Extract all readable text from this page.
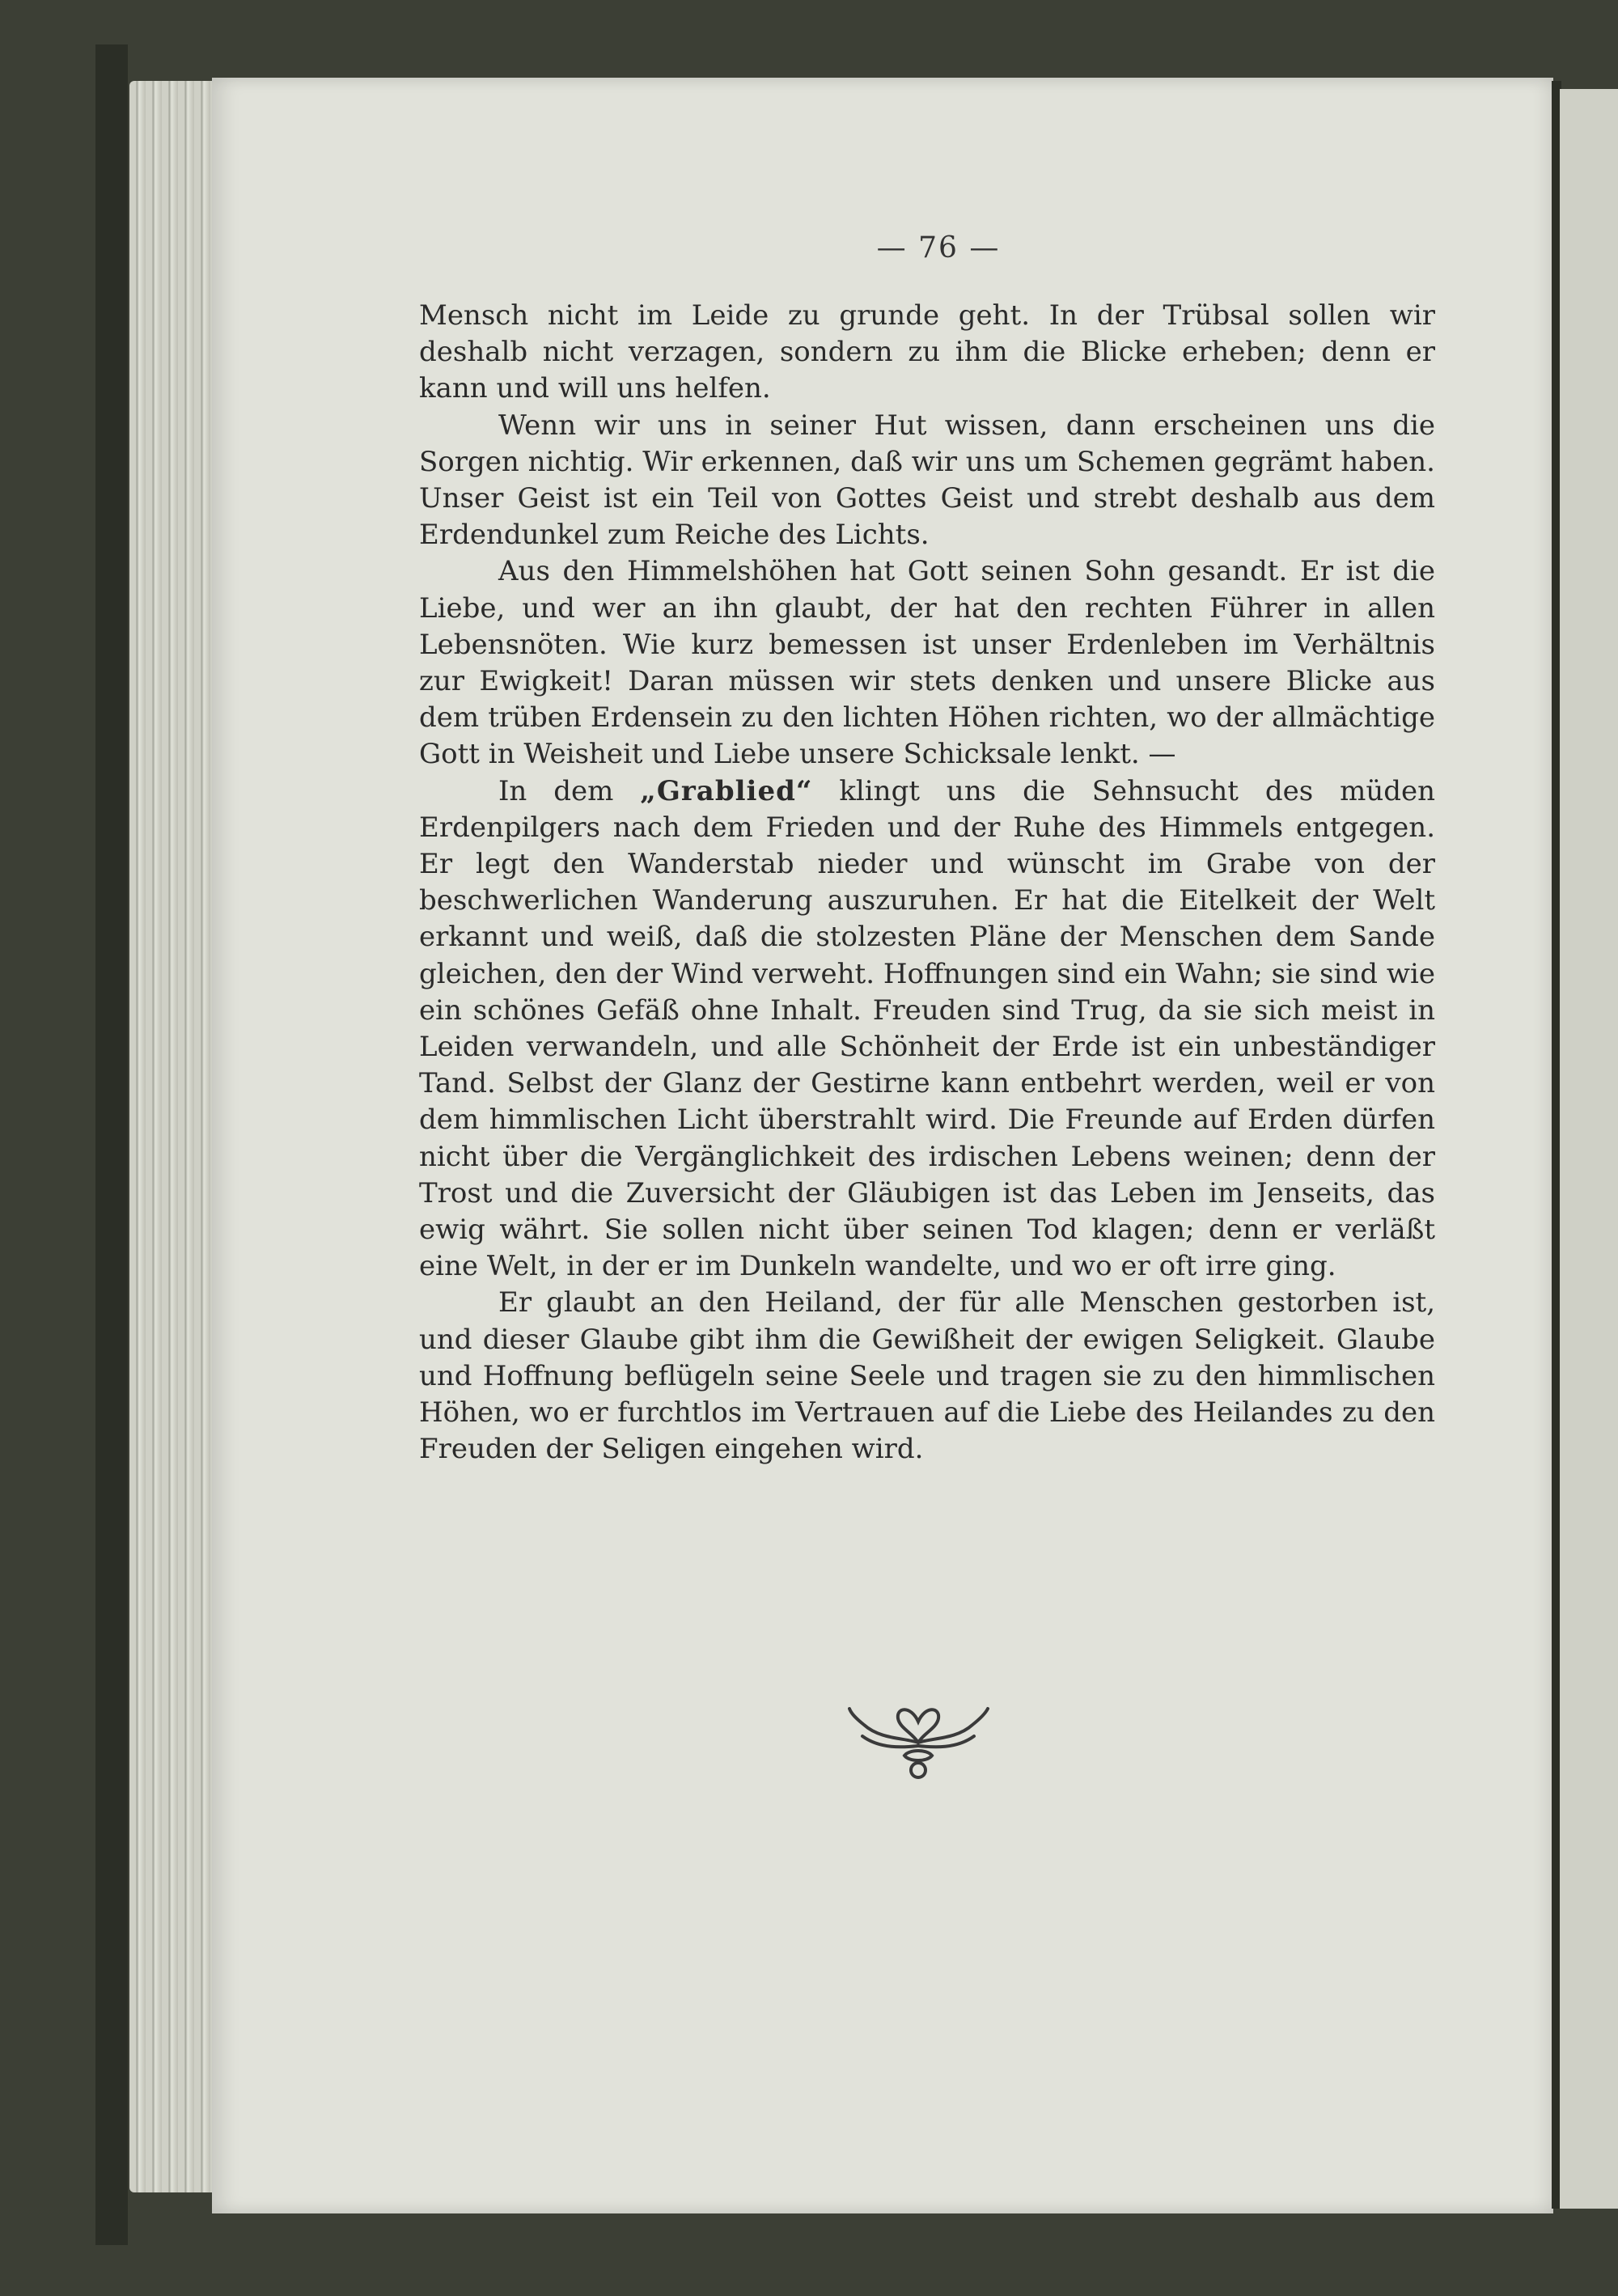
— 76 —

Mensch nicht im Leide zu grunde geht. In der Trübsal sollen wir deshalb nicht verzagen, sondern zu ihm die Blicke erheben; denn er kann und will uns helfen.

Wenn wir uns in seiner Hut wissen, dann erscheinen uns die Sorgen nichtig. Wir erkennen, daß wir uns um Schemen gegrämt haben. Unser Geist ist ein Teil von Gottes Geist und strebt deshalb aus dem Erdendunkel zum Reiche des Lichts.

Aus den Himmelshöhen hat Gott seinen Sohn gesandt. Er ist die Liebe, und wer an ihn glaubt, der hat den rechten Führer in allen Lebensnöten. Wie kurz bemessen ist unser Erdenleben im Verhältnis zur Ewigkeit! Daran müssen wir stets denken und unsere Blicke aus dem trüben Erdensein zu den lichten Höhen richten, wo der allmächtige Gott in Weisheit und Liebe unsere Schicksale lenkt. —

In dem „Grablied“ klingt uns die Sehnsucht des müden Erdenpilgers nach dem Frieden und der Ruhe des Himmels entgegen. Er legt den Wanderstab nieder und wünscht im Grabe von der beschwerlichen Wanderung auszuruhen. Er hat die Eitelkeit der Welt erkannt und weiß, daß die stolzesten Pläne der Menschen dem Sande gleichen, den der Wind verweht. Hoffnungen sind ein Wahn; sie sind wie ein schönes Gefäß ohne Inhalt. Freuden sind Trug, da sie sich meist in Leiden verwandeln, und alle Schönheit der Erde ist ein unbeständiger Tand. Selbst der Glanz der Gestirne kann entbehrt werden, weil er von dem himmlischen Licht überstrahlt wird. Die Freunde auf Erden dürfen nicht über die Vergänglichkeit des irdischen Lebens weinen; denn der Trost und die Zuversicht der Gläubigen ist das Leben im Jenseits, das ewig währt. Sie sollen nicht über seinen Tod klagen; denn er verläßt eine Welt, in der er im Dunkeln wandelte, und wo er oft irre ging.

Er glaubt an den Heiland, der für alle Menschen gestorben ist, und dieser Glaube gibt ihm die Gewißheit der ewigen Seligkeit. Glaube und Hoffnung beflügeln seine Seele und tragen sie zu den himmlischen Höhen, wo er furchtlos im Vertrauen auf die Liebe des Heilandes zu den Freuden der Seligen eingehen wird.
